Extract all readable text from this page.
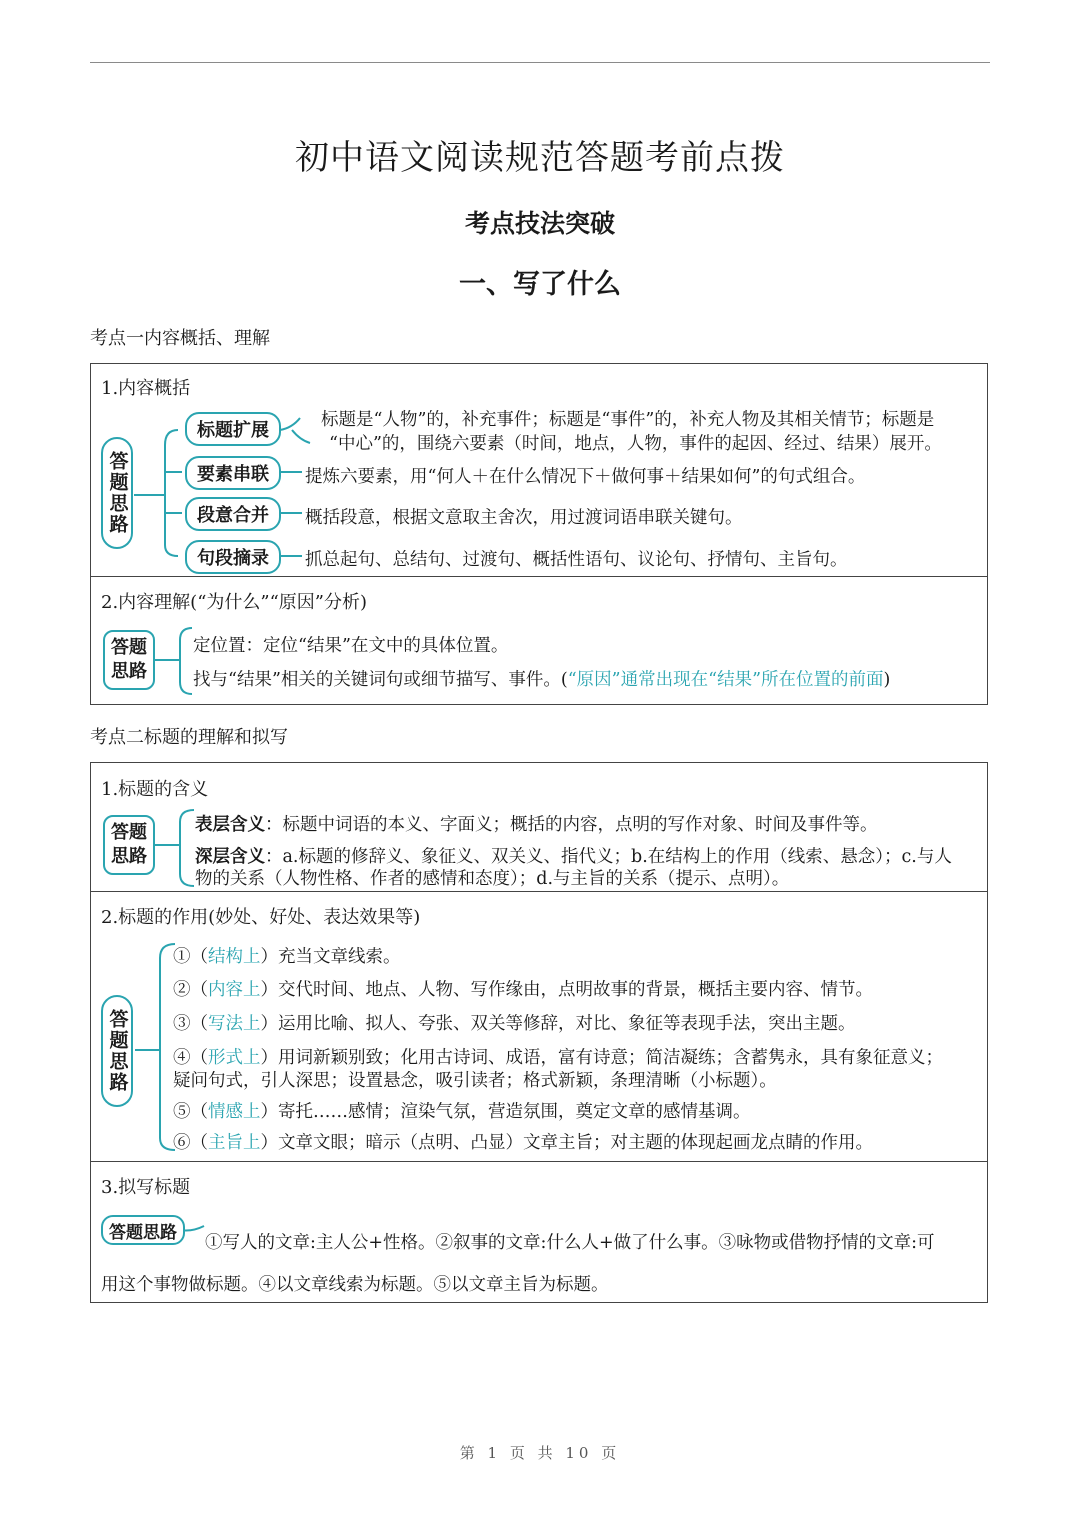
初中语文阅读规范答题考前点拨
考点技法突破
一、写了什么
考点一内容概括、理解
1.内容概括
答题思路
标题扩展
要素串联
段意合并
句段摘录
标题是“人物”的，补充事件；标题是“事件”的，补充人物及其相关情节；标题是
“中心”的，围绕六要素（时间，地点，人物，事件的起因、经过、结果）展开。
提炼六要素，用“何人＋在什么情况下＋做何事＋结果如何”的句式组合。
概括段意，根据文意取主舍次，用过渡词语串联关键句。
抓总起句、总结句、过渡句、概括性语句、议论句、抒情句、主旨句。
2.内容理解(“为什么”“原因”分析)
答题思路
定位置：定位“结果”在文中的具体位置。
找与“结果”相关的关键词句或细节描写、事件。(“原因”通常出现在“结果”所在位置的前面)
考点二标题的理解和拟写
1.标题的含义
答题思路
表层含义：标题中词语的本义、字面义；概括的内容，点明的写作对象、时间及事件等。
深层含义：a.标题的修辞义、象征义、双关义、指代义；b.在结构上的作用（线索、悬念）；c.与人
物的关系（人物性格、作者的感情和态度）；d.与主旨的关系（提示、点明）。
2.标题的作用(妙处、好处、表达效果等)
答题思路
①（结构上）充当文章线索。
②（内容上）交代时间、地点、人物、写作缘由，点明故事的背景，概括主要内容、情节。
③（写法上）运用比喻、拟人、夸张、双关等修辞，对比、象征等表现手法，突出主题。
④（形式上）用词新颖别致；化用古诗词、成语，富有诗意；简洁凝练；含蓄隽永，具有象征意义；
疑问句式，引人深思；设置悬念，吸引读者；格式新颖，条理清晰（小标题）。
⑤（情感上）寄托……感情；渲染气氛，营造氛围，奠定文章的感情基调。
⑥（主旨上）文章文眼；暗示（点明、凸显）文章主旨；对主题的体现起画龙点睛的作用。
3.拟写标题
答题思路
①写人的文章:主人公+性格。②叙事的文章:什么人+做了什么事。③咏物或借物抒情的文章:可
用这个事物做标题。④以文章线索为标题。⑤以文章主旨为标题。
第 1 页 共 10 页
